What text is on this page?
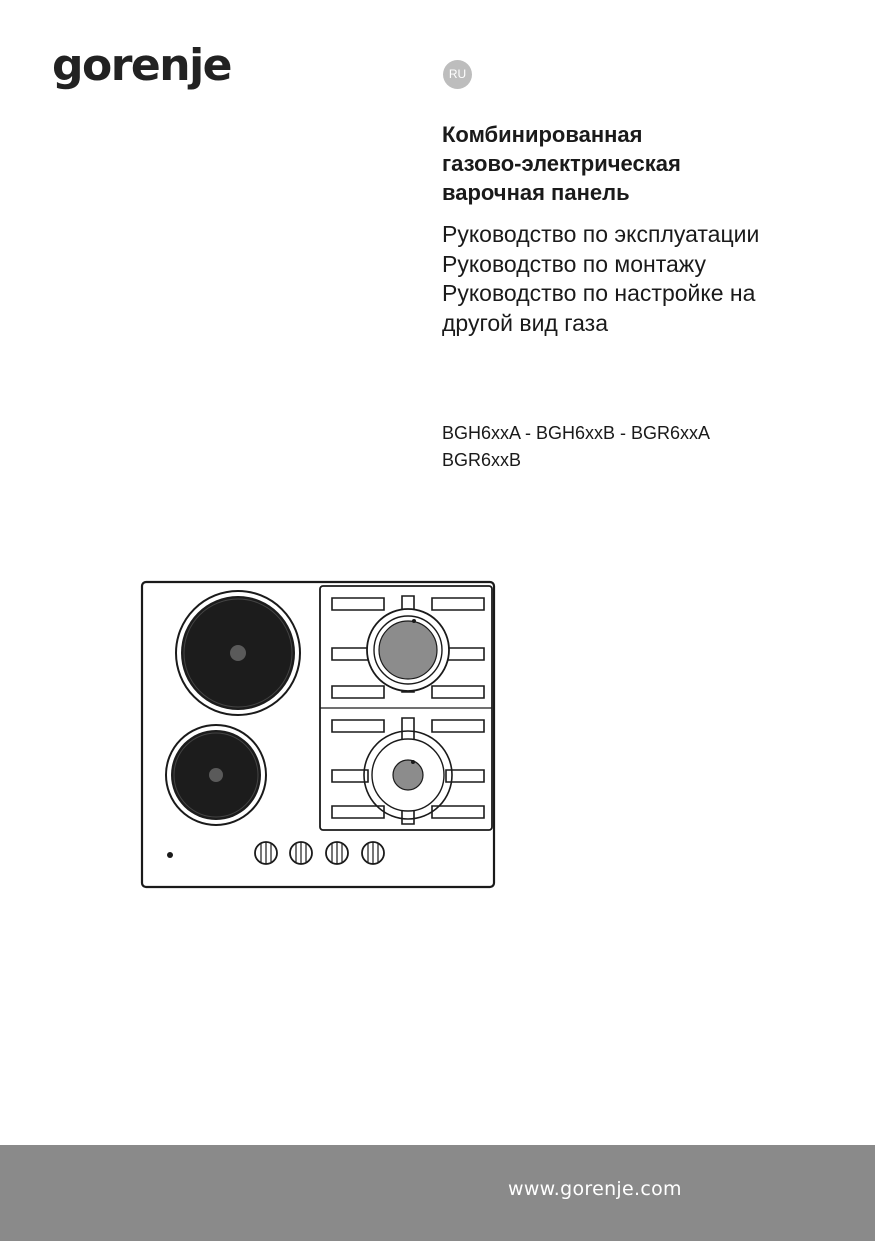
gorenje	RU
Комбинированная
газово-электрическая
варочная панель
Руководство по эксплуатации
Руководство по монтажу
Руководство по настройке на
другой вид газа
BGH6xxA - BGH6xxB - BGR6xxA
BGR6xxB
www.gorenje.com
